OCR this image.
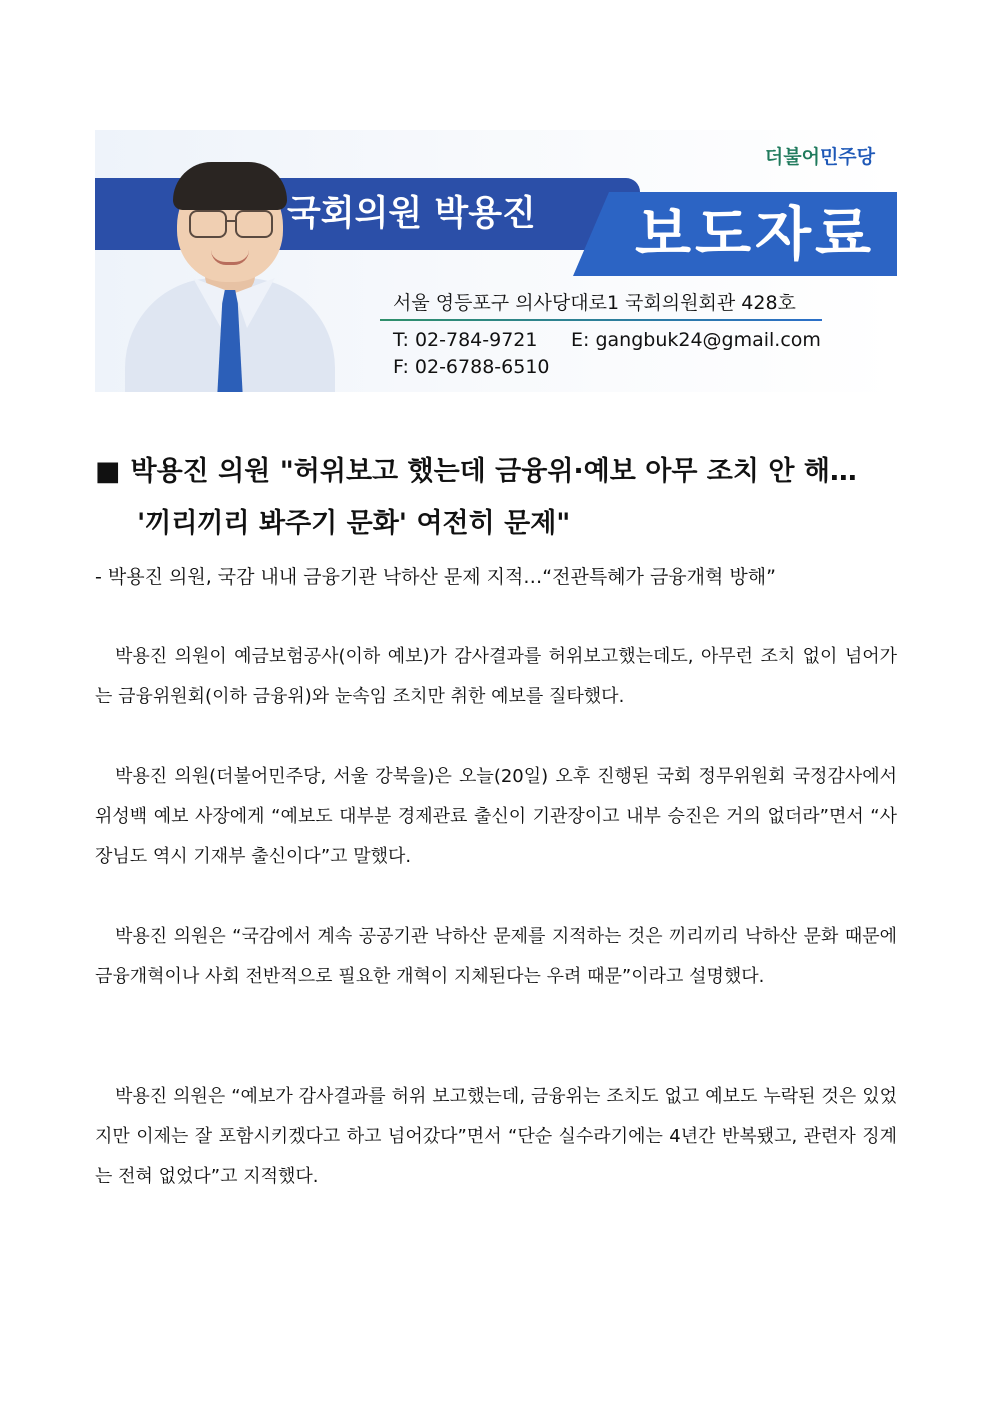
국회의원 박용진 보도자료
더불어민주당
서울 영등포구 의사당대로1 국회의원회관 428호
T: 02-784-9721 E: gangbuk24@gmail.com
F: 02-6788-6510
■ 박용진 의원 "허위보고 했는데 금융위·예보 아무 조치 안 해…
'끼리끼리 봐주기 문화' 여전히 문제"
- 박용진 의원, 국감 내내 금융기관 낙하산 문제 지적…“전관특혜가 금융개혁 방해”
박용진 의원이 예금보험공사(이하 예보)가 감사결과를 허위보고했는데도, 아무런 조치 없이 넘어가는 금융위원회(이하 금융위)와 눈속임 조치만 취한 예보를 질타했다.
박용진 의원(더불어민주당, 서울 강북을)은 오늘(20일) 오후 진행된 국회 정무위원회 국정감사에서 위성백 예보 사장에게 “예보도 대부분 경제관료 출신이 기관장이고 내부 승진은 거의 없더라”면서 “사장님도 역시 기재부 출신이다”고 말했다.
박용진 의원은 “국감에서 계속 공공기관 낙하산 문제를 지적하는 것은 끼리끼리 낙하산 문화 때문에 금융개혁이나 사회 전반적으로 필요한 개혁이 지체된다는 우려 때문”이라고 설명했다.
박용진 의원은 “예보가 감사결과를 허위 보고했는데, 금융위는 조치도 없고 예보도 누락된 것은 있었지만 이제는 잘 포함시키겠다고 하고 넘어갔다”면서 “단순 실수라기에는 4년간 반복됐고, 관련자 징계는 전혀 없었다”고 지적했다.
